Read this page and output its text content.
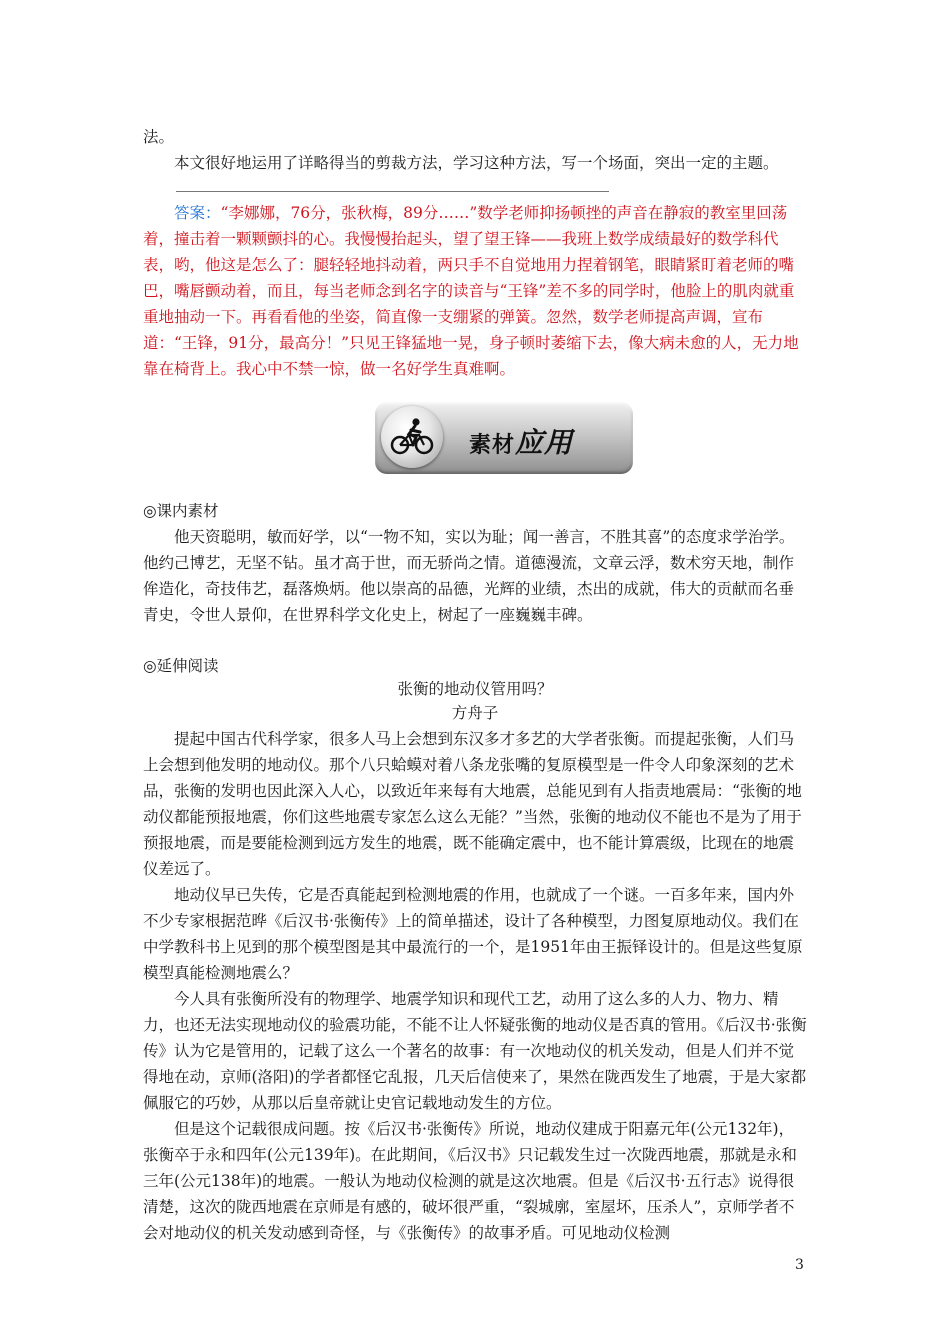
法。

本文很好地运用了详略得当的剪裁方法，学习这种方法，写一个场面，突出一定的主题。

答案：“李娜娜，76分，张秋梅，89分……”数学老师抑扬顿挫的声音在静寂的教室里回荡着，撞击着一颗颗颤抖的心。我慢慢抬起头，望了望王锋——我班上数学成绩最好的数学科代表，哟，他这是怎么了：腿轻轻地抖动着，两只手不自觉地用力捏着钢笔，眼睛紧盯着老师的嘴巴，嘴唇颤动着，而且，每当老师念到名字的读音与“王锋”差不多的同学时，他脸上的肌肉就重重地抽动一下。再看看他的坐姿，简直像一支绷紧的弹簧。忽然，数学老师提高声调，宣布道：“王锋，91分，最高分！”只见王锋猛地一晃，身子顿时萎缩下去，像大病未愈的人，无力地靠在椅背上。我心中不禁一惊，做一名好学生真难啊。

素材应用
◎课内素材

他天资聪明，敏而好学，以“一物不知，实以为耻；闻一善言，不胜其喜”的态度求学治学。他约己博艺，无坚不钻。虽才高于世，而无骄尚之情。道德漫流，文章云浮，数术穷天地，制作侔造化，奇技伟艺，磊落焕炳。他以崇高的品德，光辉的业绩，杰出的成就，伟大的贡献而名垂青史，令世人景仰，在世界科学文化史上，树起了一座巍巍丰碑。

◎延伸阅读
张衡的地动仪管用吗？
方舟子

提起中国古代科学家，很多人马上会想到东汉多才多艺的大学者张衡。而提起张衡，人们马上会想到他发明的地动仪。那个八只蛤蟆对着八条龙张嘴的复原模型是一件令人印象深刻的艺术品，张衡的发明也因此深入人心，以致近年来每有大地震，总能见到有人指责地震局：“张衡的地动仪都能预报地震，你们这些地震专家怎么这么无能？”当然，张衡的地动仪不能也不是为了用于预报地震，而是要能检测到远方发生的地震，既不能确定震中，也不能计算震级，比现在的地震仪差远了。

地动仪早已失传，它是否真能起到检测地震的作用，也就成了一个谜。一百多年来，国内外不少专家根据范晔《后汉书·张衡传》上的简单描述，设计了各种模型，力图复原地动仪。我们在中学教科书上见到的那个模型图是其中最流行的一个，是1951年由王振铎设计的。但是这些复原模型真能检测地震么？

今人具有张衡所没有的物理学、地震学知识和现代工艺，动用了这么多的人力、物力、精力，也还无法实现地动仪的验震功能，不能不让人怀疑张衡的地动仪是否真的管用。《后汉书·张衡传》认为它是管用的，记载了这么一个著名的故事：有一次地动仪的机关发动，但是人们并不觉得地在动，京师(洛阳)的学者都怪它乱报，几天后信使来了，果然在陇西发生了地震，于是大家都佩服它的巧妙，从那以后皇帝就让史官记载地动发生的方位。

但是这个记载很成问题。按《后汉书·张衡传》所说，地动仪建成于阳嘉元年(公元132年)，张衡卒于永和四年(公元139年)。在此期间，《后汉书》只记载发生过一次陇西地震，那就是永和三年(公元138年)的地震。一般认为地动仪检测的就是这次地震。但是《后汉书·五行志》说得很清楚，这次的陇西地震在京师是有感的，破坏很严重，“裂城廓，室屋坏，压杀人”，京师学者不会对地动仪的机关发动感到奇怪，与《张衡传》的故事矛盾。可见地动仪检测

3
